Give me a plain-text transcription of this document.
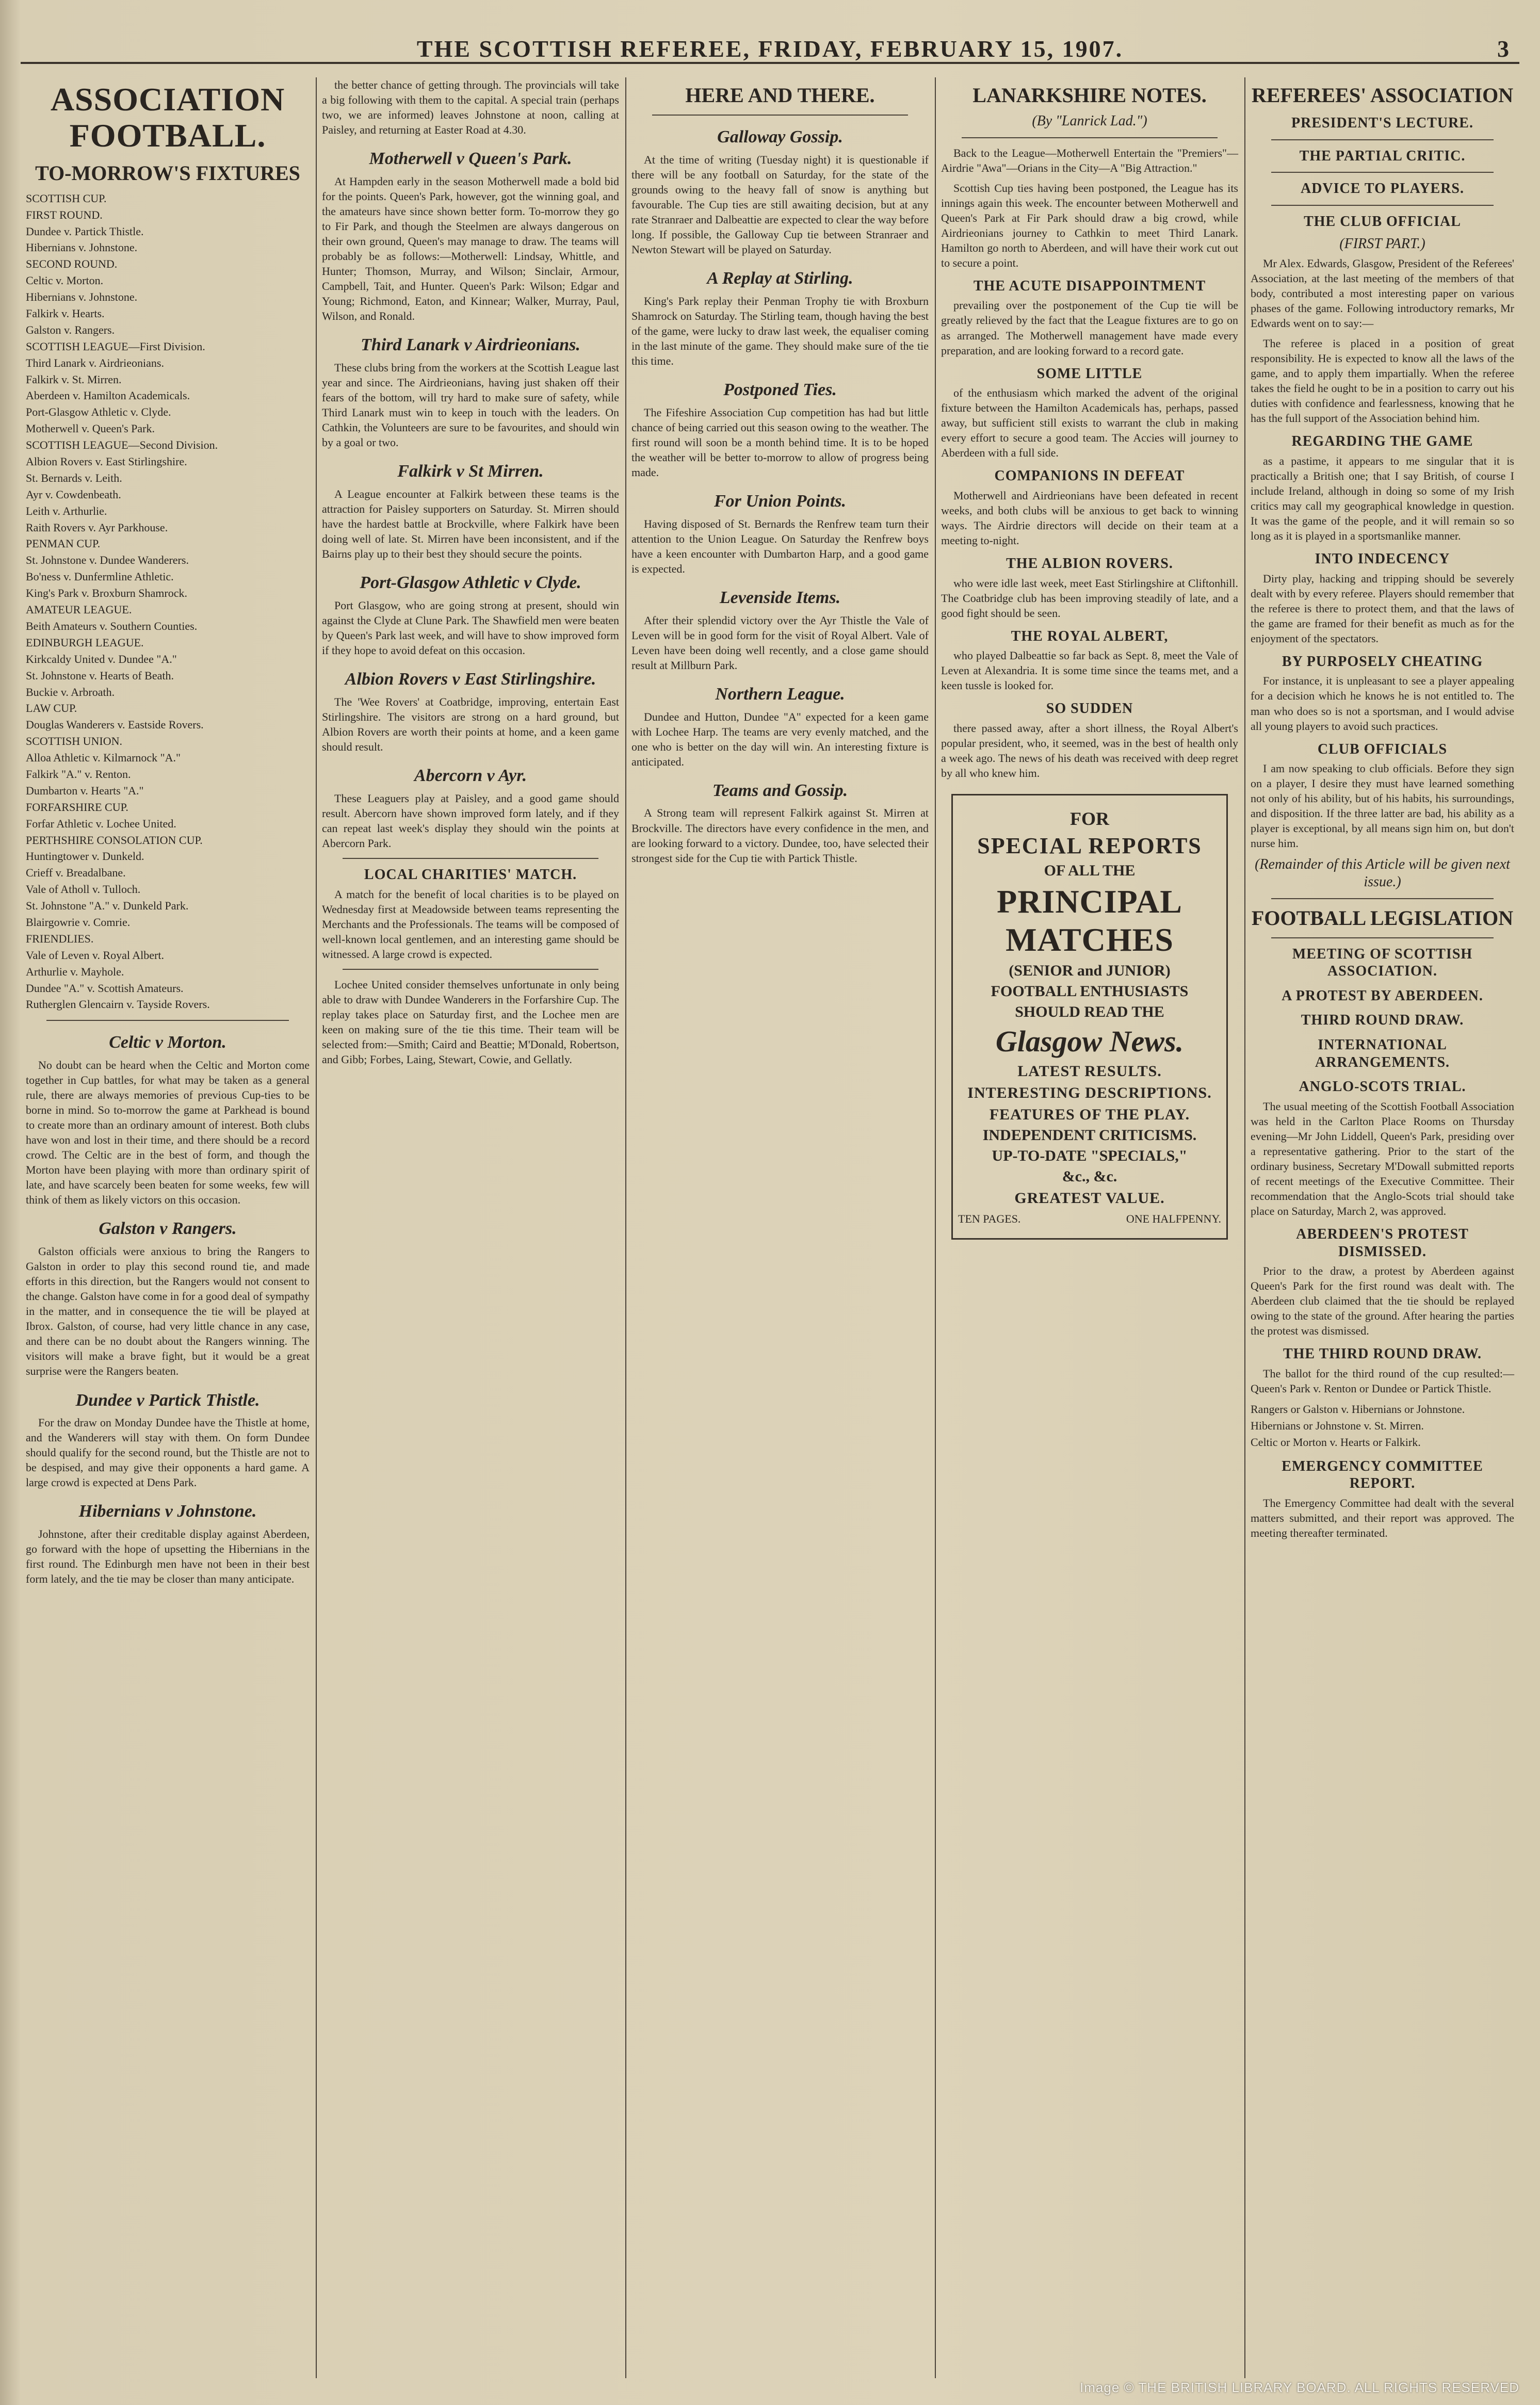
THE SCOTTISH REFEREE, FRIDAY, FEBRUARY 15, 1907.	3
ASSOCIATION FOOTBALL.
TO-MORROW'S FIXTURES
SCOTTISH CUP.
FIRST ROUND.
Dundee v. Partick Thistle.
Hibernians v. Johnstone.
SECOND ROUND.
Celtic v. Morton.
Hibernians v. Johnstone.
Falkirk v. Hearts.
Galston v. Rangers.
SCOTTISH LEAGUE—First Division.
Third Lanark v. Airdrieonians.
Falkirk v. St. Mirren.
Aberdeen v. Hamilton Academicals.
Port-Glasgow Athletic v. Clyde.
Motherwell v. Queen's Park.
SCOTTISH LEAGUE—Second Division.
Albion Rovers v. East Stirlingshire.
St. Bernards v. Leith.
Ayr v. Cowdenbeath.
Leith v. Arthurlie.
Raith Rovers v. Ayr Parkhouse.
PENMAN CUP.
St. Johnstone v. Dundee Wanderers.
Bo'ness v. Dunfermline Athletic.
King's Park v. Broxburn Shamrock.
AMATEUR LEAGUE.
Beith Amateurs v. Southern Counties.
EDINBURGH LEAGUE.
Kirkcaldy United v. Dundee "A."
St. Johnstone v. Hearts of Beath.
Buckie v. Arbroath.
LAW CUP.
Douglas Wanderers v. Eastside Rovers.
SCOTTISH UNION.
Alloa Athletic v. Kilmarnock "A."
Falkirk "A." v. Renton.
Dumbarton v. Hearts "A."
FORFARSHIRE CUP.
Forfar Athletic v. Lochee United.
PERTHSHIRE CONSOLATION CUP.
Huntingtower v. Dunkeld.
Crieff v. Breadalbane.
Vale of Atholl v. Tulloch.
St. Johnstone "A." v. Dunkeld Park.
Blairgowrie v. Comrie.
FRIENDLIES.
Vale of Leven v. Royal Albert.
Arthurlie v. Mayhole.
Dundee "A." v. Scottish Amateurs.
Rutherglen Glencairn v. Tayside Rovers.
Celtic v Morton.

No doubt can be heard when the Celtic and Morton come together in Cup battles, for what may be taken as a general rule, there are always memories of previous Cup-ties to be borne in mind. So to-morrow the game at Parkhead is bound to create more than an ordinary amount of interest. Both clubs have won and lost in their time, and there should be a record crowd. The Celtic are in the best of form, and though the Morton have been playing with more than ordinary spirit of late, and have scarcely been beaten for some weeks, few will think of them as likely victors on this occasion.

Galston v Rangers.

Galston officials were anxious to bring the Rangers to Galston in order to play this second round tie, and made efforts in this direction, but the Rangers would not consent to the change. Galston have come in for a good deal of sympathy in the matter, and in consequence the tie will be played at Ibrox. Galston, of course, had very little chance in any case, and there can be no doubt about the Rangers winning. The visitors will make a brave fight, but it would be a great surprise were the Rangers beaten.

Dundee v Partick Thistle.

For the draw on Monday Dundee have the Thistle at home, and the Wanderers will stay with them. On form Dundee should qualify for the second round, but the Thistle are not to be despised, and may give their opponents a hard game. A large crowd is expected at Dens Park.

Hibernians v Johnstone.

Johnstone, after their creditable display against Aberdeen, go forward with the hope of upsetting the Hibernians in the first round. The Edinburgh men have not been in their best form lately, and the tie may be closer than many anticipate.

the better chance of getting through. The provincials will take a big following with them to the capital. A special train (perhaps two, we are informed) leaves Johnstone at noon, calling at Paisley, and returning at Easter Road at 4.30.

Motherwell v Queen's Park.

At Hampden early in the season Motherwell made a bold bid for the points. Queen's Park, however, got the winning goal, and the amateurs have since shown better form. To-morrow they go to Fir Park, and though the Steelmen are always dangerous on their own ground, Queen's may manage to draw. The teams will probably be as follows:—Motherwell: Lindsay, Whittle, and Hunter; Thomson, Murray, and Wilson; Sinclair, Armour, Campbell, Tait, and Hunter. Queen's Park: Wilson; Edgar and Young; Richmond, Eaton, and Kinnear; Walker, Murray, Paul, Wilson, and Ronald.

Third Lanark v Airdrieonians.

These clubs bring from the workers at the Scottish League last year and since. The Airdrieonians, having just shaken off their fears of the bottom, will try hard to make sure of safety, while Third Lanark must win to keep in touch with the leaders. On Cathkin, the Volunteers are sure to be favourites, and should win by a goal or two.

Falkirk v St Mirren.

A League encounter at Falkirk between these teams is the attraction for Paisley supporters on Saturday. St. Mirren should have the hardest battle at Brockville, where Falkirk have been doing well of late. St. Mirren have been inconsistent, and if the Bairns play up to their best they should secure the points.

Port-Glasgow Athletic v Clyde.

Port Glasgow, who are going strong at present, should win against the Clyde at Clune Park. The Shawfield men were beaten by Queen's Park last week, and will have to show improved form if they hope to avoid defeat on this occasion.

Albion Rovers v East Stirlingshire.

The 'Wee Rovers' at Coatbridge, improving, entertain East Stirlingshire. The visitors are strong on a hard ground, but Albion Rovers are worth their points at home, and a keen game should result.

Abercorn v Ayr.

These Leaguers play at Paisley, and a good game should result. Abercorn have shown improved form lately, and if they can repeat last week's display they should win the points at Abercorn Park.

LOCAL CHARITIES' MATCH.

A match for the benefit of local charities is to be played on Wednesday first at Meadowside between teams representing the Merchants and the Professionals. The teams will be composed of well-known local gentlemen, and an interesting game should be witnessed. A large crowd is expected.

Lochee United consider themselves unfortunate in only being able to draw with Dundee Wanderers in the Forfarshire Cup. The replay takes place on Saturday first, and the Lochee men are keen on making sure of the tie this time. Their team will be selected from:—Smith; Caird and Beattie; M'Donald, Robertson, and Gibb; Forbes, Laing, Stewart, Cowie, and Gellatly.

HERE AND THERE.
Galloway Gossip.

At the time of writing (Tuesday night) it is questionable if there will be any football on Saturday, for the state of the grounds owing to the heavy fall of snow is anything but favourable. The Cup ties are still awaiting decision, but at any rate Stranraer and Dalbeattie are expected to clear the way before long. If possible, the Galloway Cup tie between Stranraer and Newton Stewart will be played on Saturday.

A Replay at Stirling.

King's Park replay their Penman Trophy tie with Broxburn Shamrock on Saturday. The Stirling team, though having the best of the game, were lucky to draw last week, the equaliser coming in the last minute of the game. They should make sure of the tie this time.

Postponed Ties.

The Fifeshire Association Cup competition has had but little chance of being carried out this season owing to the weather. The first round will soon be a month behind time. It is to be hoped the weather will be better to-morrow to allow of progress being made.

For Union Points.

Having disposed of St. Bernards the Renfrew team turn their attention to the Union League. On Saturday the Renfrew boys have a keen encounter with Dumbarton Harp, and a good game is expected.

Levenside Items.

After their splendid victory over the Ayr Thistle the Vale of Leven will be in good form for the visit of Royal Albert. Vale of Leven have been doing well recently, and a close game should result at Millburn Park.

Northern League.

Dundee and Hutton, Dundee "A" expected for a keen game with Lochee Harp. The teams are very evenly matched, and the one who is better on the day will win. An interesting fixture is anticipated.

Teams and Gossip.

A Strong team will represent Falkirk against St. Mirren at Brockville. The directors have every confidence in the men, and are looking forward to a victory. Dundee, too, have selected their strongest side for the Cup tie with Partick Thistle.

LANARKSHIRE NOTES.
(By "Lanrick Lad.")

Back to the League—Motherwell Entertain the "Premiers"—Airdrie "Awa"—Orians in the City—A "Big Attraction."

Scottish Cup ties having been postponed, the League has its innings again this week. The encounter between Motherwell and Queen's Park at Fir Park should draw a big crowd, while Airdrieonians journey to Cathkin to meet Third Lanark. Hamilton go north to Aberdeen, and will have their work cut out to secure a point.

THE ACUTE DISAPPOINTMENT

prevailing over the postponement of the Cup tie will be greatly relieved by the fact that the League fixtures are to go on as arranged. The Motherwell management have made every preparation, and are looking forward to a record gate.

SOME LITTLE

of the enthusiasm which marked the advent of the original fixture between the Hamilton Academicals has, perhaps, passed away, but sufficient still exists to warrant the club in making every effort to secure a good team. The Accies will journey to Aberdeen with a full side.

COMPANIONS IN DEFEAT

Motherwell and Airdrieonians have been defeated in recent weeks, and both clubs will be anxious to get back to winning ways. The Airdrie directors will decide on their team at a meeting to-night.

THE ALBION ROVERS.

who were idle last week, meet East Stirlingshire at Cliftonhill. The Coatbridge club has been improving steadily of late, and a good fight should be seen.

THE ROYAL ALBERT,

who played Dalbeattie so far back as Sept. 8, meet the Vale of Leven at Alexandria. It is some time since the teams met, and a keen tussle is looked for.

SO SUDDEN

there passed away, after a short illness, the Royal Albert's popular president, who, it seemed, was in the best of health only a week ago. The news of his death was received with deep regret by all who knew him.

FOR
SPECIAL REPORTS
OF ALL THE
PRINCIPAL MATCHES
(SENIOR and JUNIOR)
FOOTBALL ENTHUSIASTS
SHOULD READ THE
Glasgow News.
LATEST RESULTS.
INTERESTING DESCRIPTIONS.
FEATURES OF THE PLAY.
INDEPENDENT CRITICISMS.
UP-TO-DATE "SPECIALS,"
&c., &c.
GREATEST VALUE.
TEN PAGES.	ONE HALFPENNY.
REFEREES' ASSOCIATION
PRESIDENT'S LECTURE.
THE PARTIAL CRITIC.
ADVICE TO PLAYERS.
THE CLUB OFFICIAL
(FIRST PART.)

Mr Alex. Edwards, Glasgow, President of the Referees' Association, at the last meeting of the members of that body, contributed a most interesting paper on various phases of the game. Following introductory remarks, Mr Edwards went on to say:—

The referee is placed in a position of great responsibility. He is expected to know all the laws of the game, and to apply them impartially. When the referee takes the field he ought to be in a position to carry out his duties with confidence and fearlessness, knowing that he has the full support of the Association behind him.

REGARDING THE GAME

as a pastime, it appears to me singular that it is practically a British one; that I say British, of course I include Ireland, although in doing so some of my Irish critics may call my geographical knowledge in question. It was the game of the people, and it will remain so so long as it is played in a sportsmanlike manner.

INTO INDECENCY

Dirty play, hacking and tripping should be severely dealt with by every referee. Players should remember that the referee is there to protect them, and that the laws of the game are framed for their benefit as much as for the enjoyment of the spectators.

BY PURPOSELY CHEATING

For instance, it is unpleasant to see a player appealing for a decision which he knows he is not entitled to. The man who does so is not a sportsman, and I would advise all young players to avoid such practices.

CLUB OFFICIALS

I am now speaking to club officials. Before they sign on a player, I desire they must have learned something not only of his ability, but of his habits, his surroundings, and disposition. If the three latter are bad, his ability as a player is exceptional, by all means sign him on, but don't nurse him.

(Remainder of this Article will be given next issue.)
FOOTBALL LEGISLATION
MEETING OF SCOTTISH ASSOCIATION.
A PROTEST BY ABERDEEN.
THIRD ROUND DRAW.
INTERNATIONAL ARRANGEMENTS.
ANGLO-SCOTS TRIAL.

The usual meeting of the Scottish Football Association was held in the Carlton Place Rooms on Thursday evening—Mr John Liddell, Queen's Park, presiding over a representative gathering. Prior to the start of the ordinary business, Secretary M'Dowall submitted reports of recent meetings of the Executive Committee. Their recommendation that the Anglo-Scots trial should take place on Saturday, March 2, was approved.

ABERDEEN'S PROTEST DISMISSED.

Prior to the draw, a protest by Aberdeen against Queen's Park for the first round was dealt with. The Aberdeen club claimed that the tie should be replayed owing to the state of the ground. After hearing the parties the protest was dismissed.

THE THIRD ROUND DRAW.

The ballot for the third round of the cup resulted:—Queen's Park v. Renton or Dundee or Partick Thistle.

Rangers or Galston v. Hibernians or Johnstone.
Hibernians or Johnstone v. St. Mirren.
Celtic or Morton v. Hearts or Falkirk.
EMERGENCY COMMITTEE REPORT.

The Emergency Committee had dealt with the several matters submitted, and their report was approved. The meeting thereafter terminated.

Image © THE BRITISH LIBRARY BOARD. ALL RIGHTS RESERVED
